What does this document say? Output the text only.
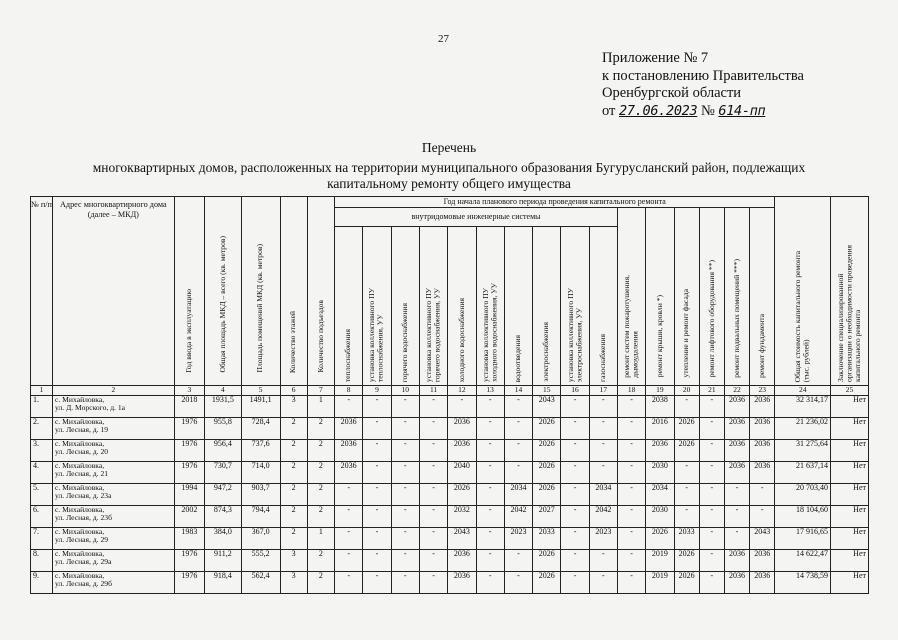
27
Приложение № 7
к постановлению Правительства
Оренбургской области
от 27.06.2023 № 614-пп
Перечень
многоквартирных домов, расположенных на территории муниципального образования Бугурусланский район, подлежащих
капитальному ремонту общего имущества
№ п/п	Адрес многоквартирного дома (далее – МКД)	Год ввода в эксплуатацию	Общая площадь МКД – всего (кв. метров)	Площадь помещений МКД (кв. метров)	Количество этажей	Количество подъездов	Год начала планового периода проведения капитального ремонта																Общая стоимость капитального ремонта
(тыс. рублей)	Заключение специализированной
организации о необходимости проведения
капитального ремонта

							внутридомовые инженерные системы										ремонт систем пожаротушения,
дымоудаления	ремонт крыши, кровли *)	утепление и ремонт фасада	ремонт лифтового оборудования **)	ремонт подвальных помещений ***)	ремонт фундамента		

							теплоснабжения	установка коллективного ПУ
теплоснабжения, УУ	горячего водоснабжения	установка коллективного ПУ
горячего водоснабжения, УУ	холодного водоснабжения	установка коллективного ПУ
холодного водоснабжения, УУ	водоотведения	электроснабжения	установка коллективного ПУ
электроснабжения, УУ	газоснабжения								

1	2	3	4	5	6	7	8	9	10	11	12	13	14	15	16	17	18	19	20	21	22	23	24	25
1.	с. Михайловка,
ул. Д. Морского, д. 1а	2018	1931,5	1491,1	3	1	-	-	-	-	-	-	-	2043	-	-	-	2038	-	-	2036	2036	32 314,17	Нет
2.	с. Михайловка,
ул. Лесная, д. 19	1976	955,8	728,4	2	2	2036	-	-	-	2036	-	-	2026	-	-	-	2016	2026	-	2036	2036	21 236,02	Нет
3.	с. Михайловка,
ул. Лесная, д. 20	1976	956,4	737,6	2	2	2036	-	-	-	2036	-	-	2026	-	-	-	2036	2026	-	2036	2036	31 275,64	Нет
4.	с. Михайловка,
ул. Лесная, д. 21	1976	730,7	714,0	2	2	2036	-	-	-	2040	-	-	2026	-	-	-	2030	-	-	2036	2036	21 637,14	Нет
5.	с. Михайловка,
ул. Лесная, д. 23а	1994	947,2	903,7	2	2	-	-	-	-	2026	-	2034	2026	-	2034	-	2034	-	-	-	-	20 703,40	Нет
6.	с. Михайловка,
ул. Лесная, д. 23б	2002	874,3	794,4	2	2	-	-	-	-	2032	-	2042	2027	-	2042	-	2030	-	-	-	-	18 104,60	Нет
7.	с. Михайловка,
ул. Лесная, д. 29	1983	384,0	367,0	2	1	-	-	-	-	2043	-	2023	2033	-	2023	-	2026	2033	-	-	2043	17 916,65	Нет
8.	с. Михайловка,
ул. Лесная, д. 29а	1976	911,2	555,2	3	2	-	-	-	-	2036	-	-	2026	-	-	-	2019	2026	-	2036	2036	14 622,47	Нет
9.	с. Михайловка,
ул. Лесная, д. 29б	1976	918,4	562,4	3	2	-	-	-	-	2036	-	-	2026	-	-	-	2019	2026	-	2036	2036	14 738,59	Нет
